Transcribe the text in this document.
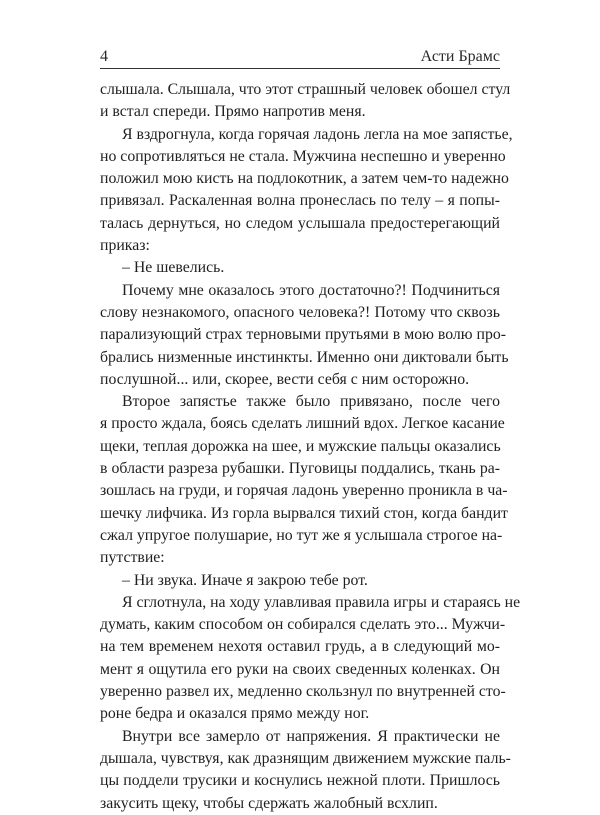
4	Асти Брамс
слышала. Слышала, что этот страшный человек обошел стул
и встал спереди. Прямо напротив меня.
Я вздрогнула, когда горячая ладонь легла на мое запястье,
но сопротивляться не стала. Мужчина неспешно и уверенно
положил мою кисть на подлокотник, а затем чем-то надежно
привязал. Раскаленная волна пронеслась по телу – я попы-
талась дернуться, но следом услышала предостерегающий
приказ:
– Не шевелись.
Почему мне оказалось этого достаточно?! Подчиниться
слову незнакомого, опасного человека?! Потому что сквозь
парализующий страх терновыми прутьями в мою волю про-
брались низменные инстинкты. Именно они диктовали быть
послушной... или, скорее, вести себя с ним осторожно.
Второе запястье также было привязано, после чего
я просто ждала, боясь сделать лишний вдох. Легкое касание
щеки, теплая дорожка на шее, и мужские пальцы оказались
в области разреза рубашки. Пуговицы поддались, ткань ра-
зошлась на груди, и горячая ладонь уверенно проникла в ча-
шечку лифчика. Из горла вырвался тихий стон, когда бандит
сжал упругое полушарие, но тут же я услышала строгое на-
путствие:
– Ни звука. Иначе я закрою тебе рот.
Я сглотнула, на ходу улавливая правила игры и стараясь не
думать, каким способом он собирался сделать это... Мужчи-
на тем временем нехотя оставил грудь, а в следующий мо-
мент я ощутила его руки на своих сведенных коленках. Он
уверенно развел их, медленно скользнул по внутренней сто-
роне бедра и оказался прямо между ног.
Внутри все замерло от напряжения. Я практически не
дышала, чувствуя, как дразнящим движением мужские паль-
цы поддели трусики и коснулись нежной плоти. Пришлось
закусить щеку, чтобы сдержать жалобный всхлип.
